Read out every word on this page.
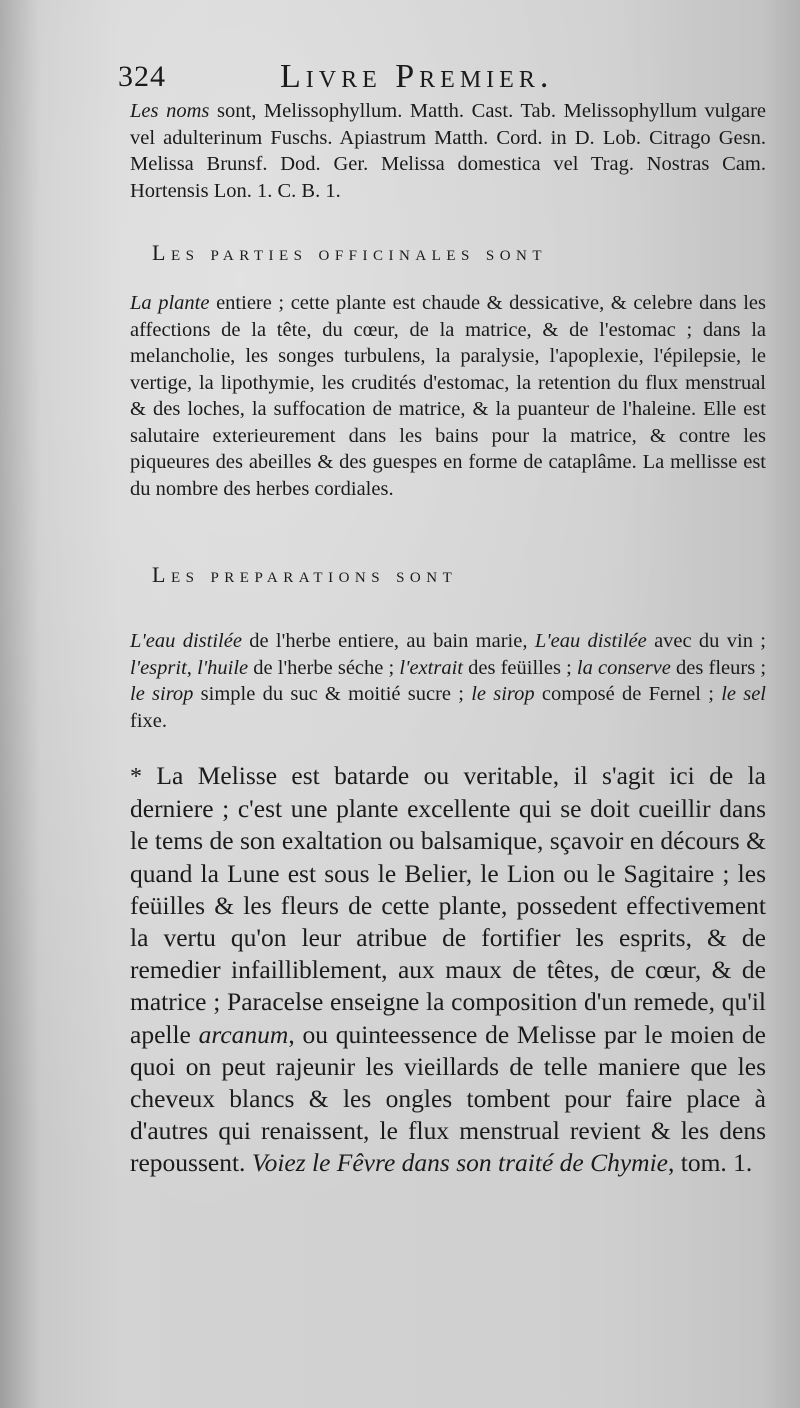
324	Livre Premier.

Les noms sont, Melissophyllum. Matth. Cast. Tab. Melissophyllum vulgare vel adulterinum Fuschs. Apiastrum Matth. Cord. in D. Lob. Citrago Gesn. Melissa Brunsf. Dod. Ger. Melissa domestica vel Trag. Nostras Cam. Hortensis Lon. 1. C. B. 1.

Les parties officinales sont

La plante entiere ; cette plante est chaude & dessicative, & celebre dans les affections de la tête, du cœur, de la matrice, & de l'estomac ; dans la melancholie, les songes turbulens, la paralysie, l'apoplexie, l'épilepsie, le vertige, la lipothymie, les crudités d'estomac, la retention du flux menstrual & des loches, la suffocation de matrice, & la puanteur de l'haleine. Elle est salutaire exterieurement dans les bains pour la matrice, & contre les piqueures des abeilles & des guespes en forme de cataplâme. La mellisse est du nombre des herbes cordiales.

Les preparations sont

L'eau distilée de l'herbe entiere, au bain marie, L'eau distilée avec du vin ; l'esprit, l'huile de l'herbe séche ; l'extrait des feüilles ; la conserve des fleurs ; le sirop simple du suc & moitié sucre ; le sirop composé de Fernel ; le sel fixe.

* La Melisse est batarde ou veritable, il s'agit ici de la derniere ; c'est une plante excellente qui se doit cueillir dans le tems de son exaltation ou balsamique, sçavoir en décours & quand la Lune est sous le Belier, le Lion ou le Sagitaire ; les feüilles & les fleurs de cette plante, possedent effectivement la vertu qu'on leur atribue de fortifier les esprits, & de remedier infailliblement, aux maux de têtes, de cœur, & de matrice ; Paracelse enseigne la composition d'un remede, qu'il apelle arcanum, ou quinteessence de Melisse par le moien de quoi on peut rajeunir les vieillards de telle maniere que les cheveux blancs & les ongles tombent pour faire place à d'autres qui renaissent, le flux menstrual revient & les dens repoussent. Voiez le Fêvre dans son traité de Chymie, tom. 1.
